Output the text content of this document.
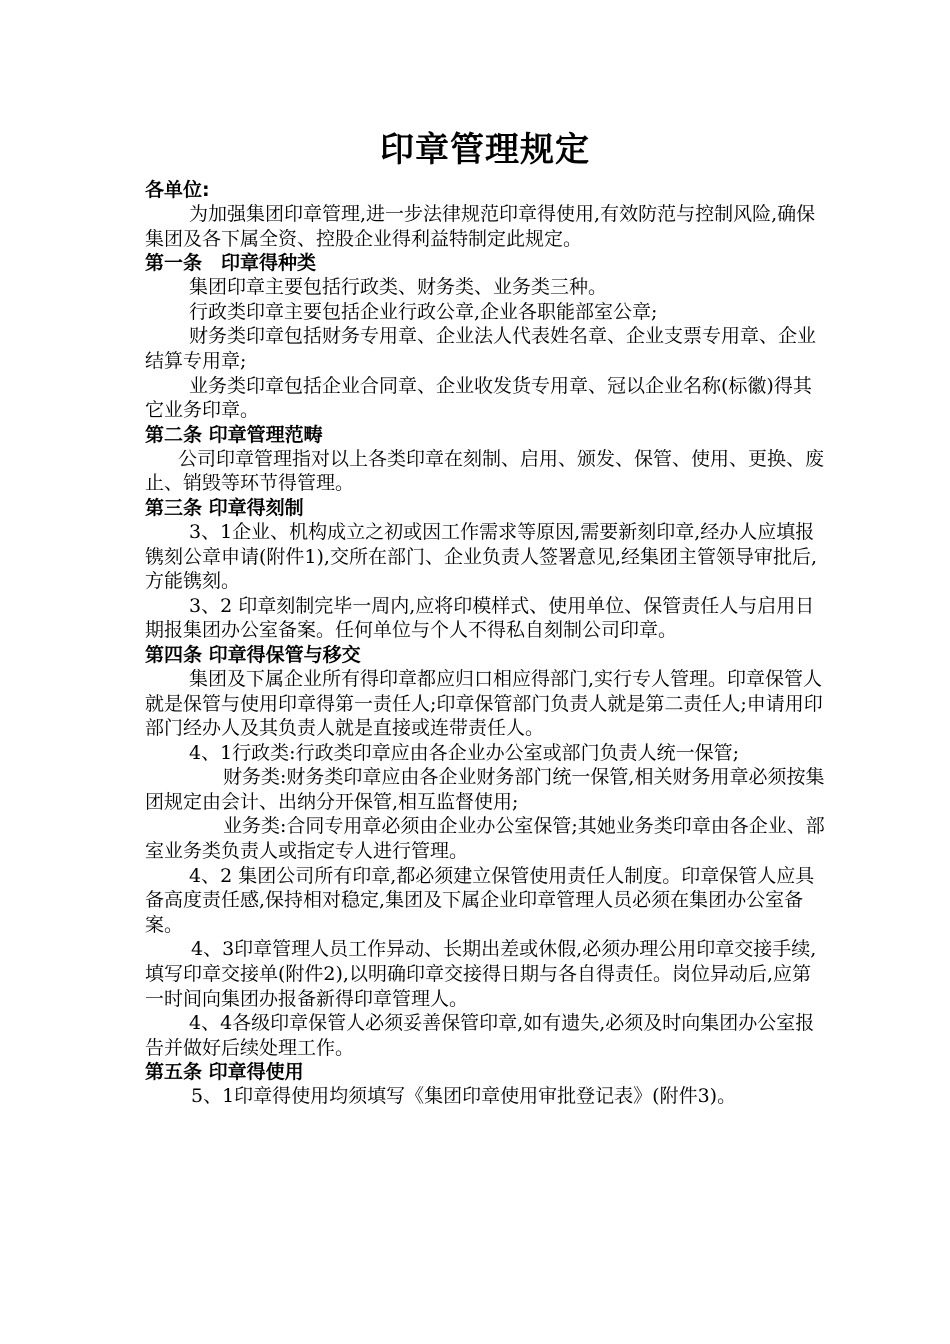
印章管理规定

各单位:

为加强集团印章管理,进一步法律规范印章得使用,有效防范与控制风险,确保集团及各下属全资、控股企业得利益特制定此规定。

第一条　印章得种类

集团印章主要包括行政类、财务类、业务类三种。

行政类印章主要包括企业行政公章,企业各职能部室公章;

财务类印章包括财务专用章、企业法人代表姓名章、企业支票专用章、企业结算专用章;

业务类印章包括企业合同章、企业收发货专用章、冠以企业名称(标徽)得其它业务印章。

第二条 印章管理范畴

公司印章管理指对以上各类印章在刻制、启用、颁发、保管、使用、更换、废止、销毁等环节得管理。

第三条 印章得刻制

3、1企业、机构成立之初或因工作需求等原因,需要新刻印章,经办人应填报镌刻公章申请(附件1),交所在部门、企业负责人签署意见,经集团主管领导审批后,方能镌刻。

3、2 印章刻制完毕一周内,应将印模样式、使用单位、保管责任人与启用日期报集团办公室备案。任何单位与个人不得私自刻制公司印章。

第四条 印章得保管与移交

集团及下属企业所有得印章都应归口相应得部门,实行专人管理。印章保管人就是保管与使用印章得第一责任人;印章保管部门负责人就是第二责任人;申请用印部门经办人及其负责人就是直接或连带责任人。

4、1行政类:行政类印章应由各企业办公室或部门负责人统一保管;

财务类:财务类印章应由各企业财务部门统一保管,相关财务用章必须按集团规定由会计、出纳分开保管,相互监督使用;

业务类:合同专用章必须由企业办公室保管;其她业务类印章由各企业、部室业务类负责人或指定专人进行管理。

4、2 集团公司所有印章,都必须建立保管使用责任人制度。印章保管人应具备高度责任感,保持相对稳定,集团及下属企业印章管理人员必须在集团办公室备案。

4、3印章管理人员工作异动、长期出差或休假,必须办理公用印章交接手续,填写印章交接单(附件2),以明确印章交接得日期与各自得责任。岗位异动后,应第一时间向集团办报备新得印章管理人。

4、4各级印章保管人必须妥善保管印章,如有遗失,必须及时向集团办公室报告并做好后续处理工作。

第五条 印章得使用

5、1印章得使用均须填写《集团印章使用审批登记表》(附件3)。
